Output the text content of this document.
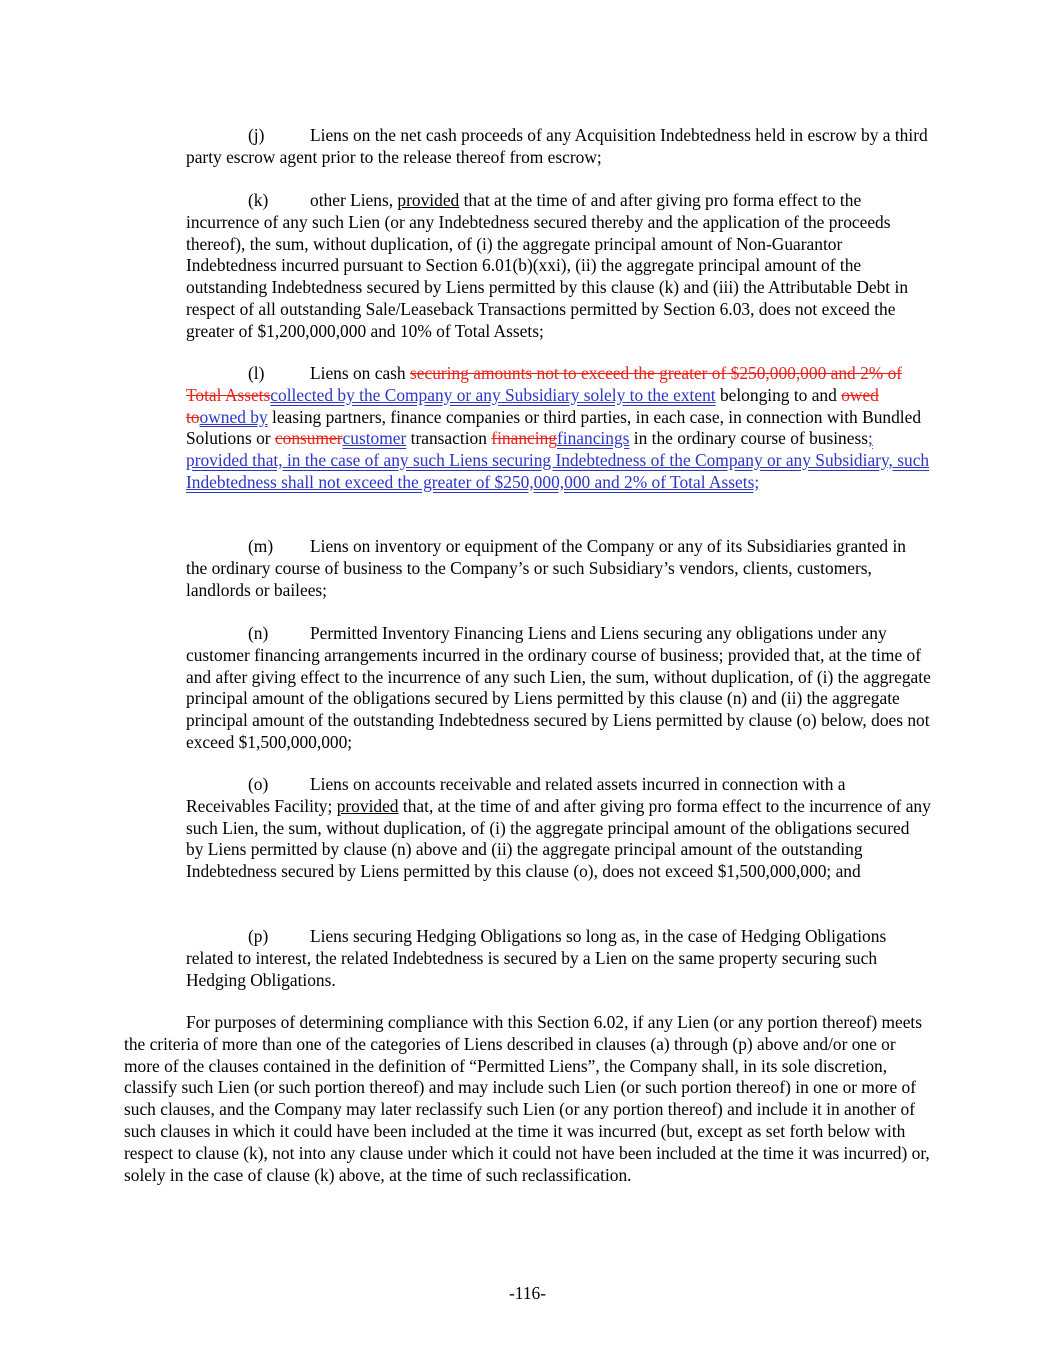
(j)	Liens on the net cash proceeds of any Acquisition Indebtedness held in escrow by a third party escrow agent prior to the release thereof from escrow;

(k) other Liens, provided that at the time of and after giving pro forma effect to the incurrence of any such Lien (or any Indebtedness secured thereby and the application of the proceeds thereof), the sum, without duplication, of (i) the aggregate principal amount of Non-Guarantor Indebtedness incurred pursuant to Section 6.01(b)(xxi), (ii) the aggregate principal amount of the outstanding Indebtedness secured by Liens permitted by this clause (k) and (iii) the Attributable Debt in respect of all outstanding Sale/Leaseback Transactions permitted by Section 6.03, does not exceed the greater of $1,200,000,000 and 10% of Total Assets;

(l)	Liens on cash securing amounts not to exceed the greater of $250,000,000 and 2% of Total Assetscollected by the Company or any Subsidiary solely to the extent belonging to and owed toowned by leasing partners, finance companies or third parties, in each case, in connection with Bundled Solutions or consumercustomer transaction financingfinancings in the ordinary course of business; provided that, in the case of any such Liens securing Indebtedness of the Company or any Subsidiary, such Indebtedness shall not exceed the greater of $250,000,000 and 2% of Total Assets;

(m) Liens on inventory or equipment of the Company or any of its Subsidiaries granted in the ordinary course of business to the Company’s or such Subsidiary’s vendors, clients, customers, landlords or bailees;

(n) Permitted Inventory Financing Liens and Liens securing any obligations under any customer financing arrangements incurred in the ordinary course of business; provided that, at the time of and after giving effect to the incurrence of any such Lien, the sum, without duplication, of (i) the aggregate principal amount of the obligations secured by Liens permitted by this clause (n) and (ii) the aggregate principal amount of the outstanding Indebtedness secured by Liens permitted by clause (o) below, does not exceed $1,500,000,000;

(o) Liens on accounts receivable and related assets incurred in connection with a Receivables Facility; provided that, at the time of and after giving pro forma effect to the incurrence of any such Lien, the sum, without duplication, of (i) the aggregate principal amount of the obligations secured by Liens permitted by clause (n) above and (ii) the aggregate principal amount of the outstanding Indebtedness secured by Liens permitted by this clause (o), does not exceed $1,500,000,000; and

(p) Liens securing Hedging Obligations so long as, in the case of Hedging Obligations related to interest, the related Indebtedness is secured by a Lien on the same property securing such Hedging Obligations.

For purposes of determining compliance with this Section 6.02, if any Lien (or any portion thereof) meets the criteria of more than one of the categories of Liens described in clauses (a) through (p) above and/or one or more of the clauses contained in the definition of “Permitted Liens”, the Company shall, in its sole discretion, classify such Lien (or such portion thereof) and may include such Lien (or such portion thereof) in one or more of such clauses, and the Company may later reclassify such Lien (or any portion thereof) and include it in another of such clauses in which it could have been included at the time it was incurred (but, except as set forth below with respect to clause (k), not into any clause under which it could not have been included at the time it was incurred) or, solely in the case of clause (k) above, at the time of such reclassification.

-116-
